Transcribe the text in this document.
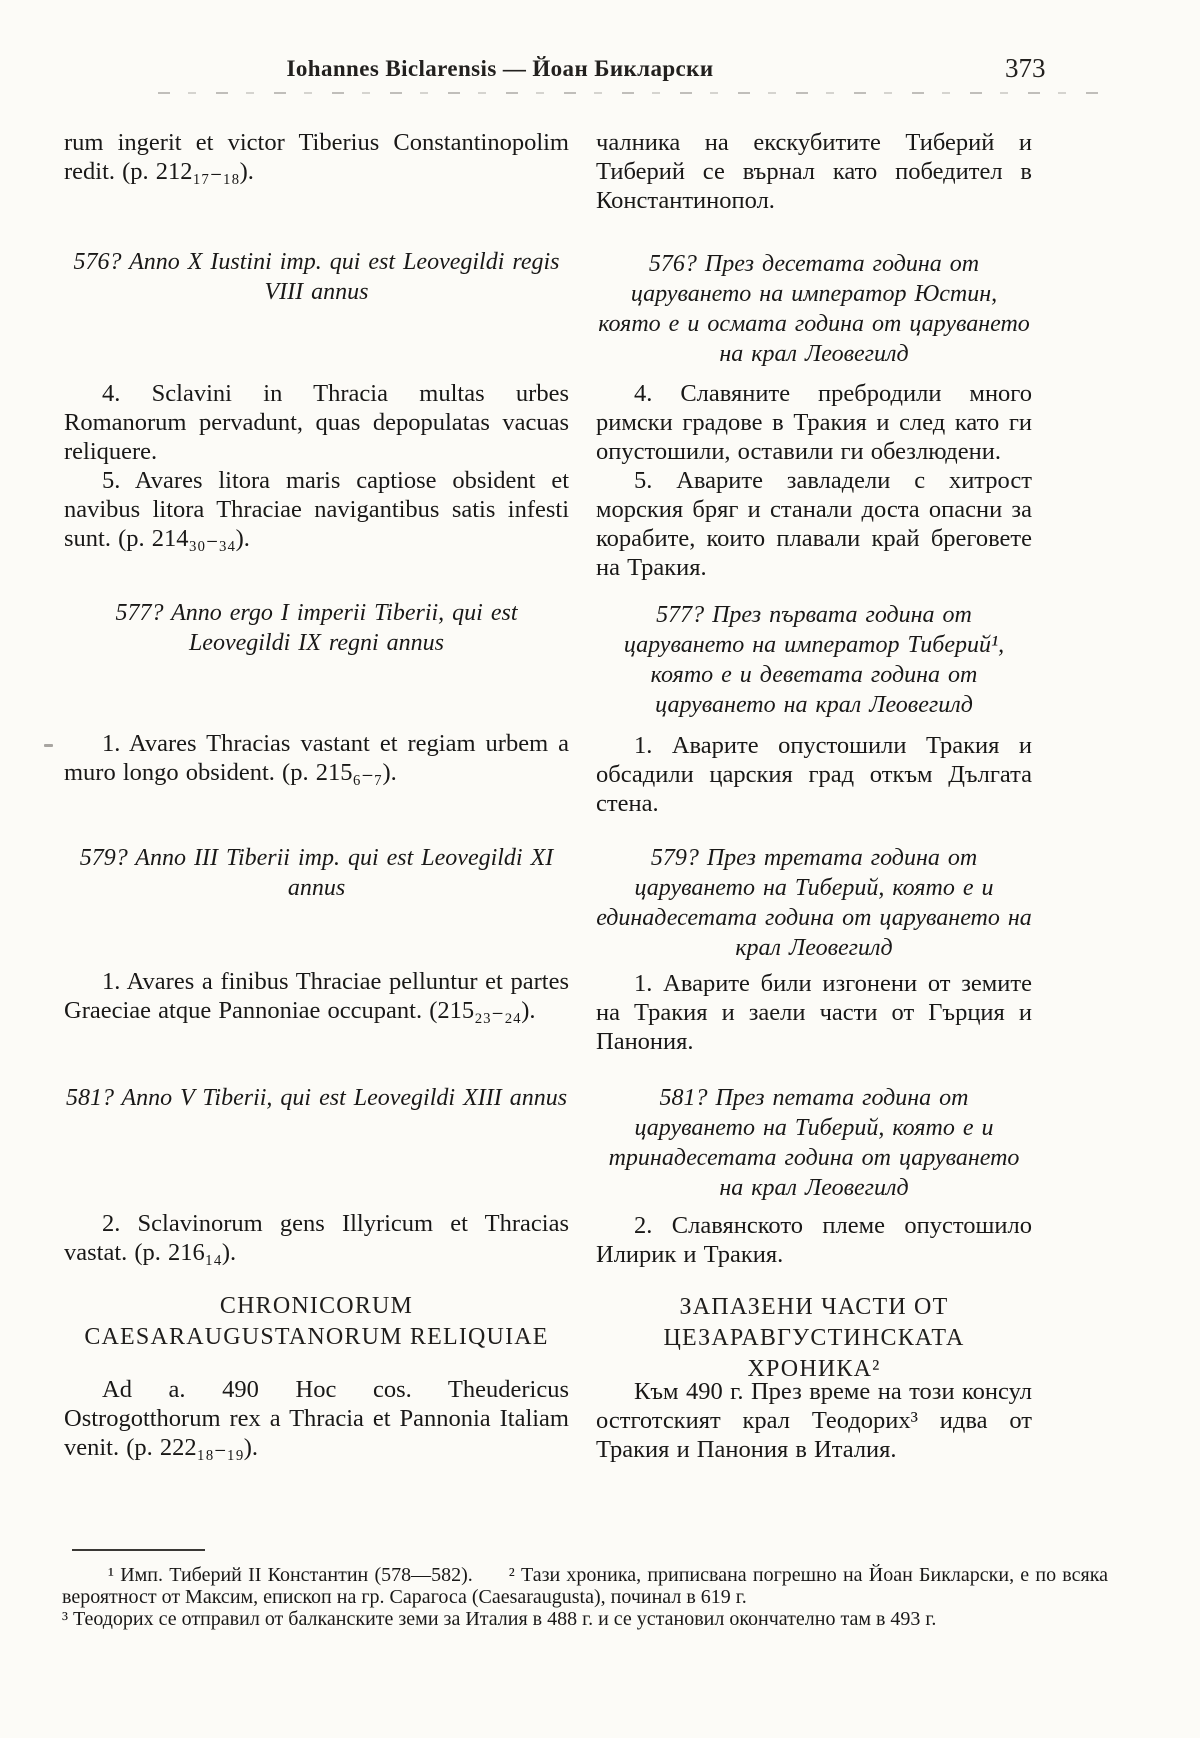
Iohannes Biclarensis — Йоан Бикларски	373

rum ingerit et victor Tiberius Constantinopolim redit. (p. 212₁₇₋₁₈).

576? Anno X Iustini imp. qui est Leovegildi regis VIII annus

4. Sclavini in Thracia multas urbes Romanorum pervadunt, quas depopulatas vacuas reliquere.

5. Avares litora maris captiose obsident et navibus litora Thraciae navigantibus satis infesti sunt. (p. 214₃₀₋₃₄).

577? Anno ergo I imperii Tiberii, qui est Leovegildi IX regni annus

1. Avares Thracias vastant et regiam urbem a muro longo obsident. (p. 215₆₋₇).

579? Anno III Tiberii imp. qui est Leovegildi XI annus

1. Avares a finibus Thraciae pelluntur et partes Graeciae atque Pannoniae occupant. (215₂₃₋₂₄).

581? Anno V Tiberii, qui est Leovegildi XIII annus

2. Sclavinorum gens Illyricum et Thracias vastat. (p. 216₁₄).

CHRONICORUM CAESARAUGUSTANORUM RELIQUIAE

Ad a. 490 Hoc cos. Theudericus Ostrogotthorum rex a Thracia et Pannonia Italiam venit. (p. 222₁₈₋₁₉).

чалника на екскубитите Тиберий и Тиберий се върнал като победител в Константинопол.

576? През десетата година от царуването на император Юстин, която е и осмата година от царуването на крал Леовегилд

4. Славяните пребродили много римски градове в Тракия и след като ги опустошили, оставили ги обезлюдени.

5. Аварите завладели с хитрост морския бряг и станали доста опасни за корабите, които плавали край бреговете на Тракия.

577? През първата година от царуването на император Тиберий¹, която е и деветата година от царуването на крал Леовегилд

1. Аварите опустошили Тракия и обсадили царския град откъм Дългата стена.

579? През третата година от царуването на Тиберий, която е и единадесетата година от царуването на крал Леовегилд

1. Аварите били изгонени от земите на Тракия и заели части от Гърция и Панония.

581? През петата година от царуването на Тиберий, която е и тринадесетата година от царуването на крал Леовегилд

2. Славянското племе опустошило Илирик и Тракия.

ЗАПАЗЕНИ ЧАСТИ ОТ ЦЕЗАРАВГУСТИНСКАТА ХРОНИКА²

Към 490 г. През време на този консул остготският крал Теодорих³ идва от Тракия и Панония в Италия.

¹ Имп. Тиберий II Константин (578—582). ² Тази хроника, приписвана погрешно на Йоан Бикларски, е по всяка вероятност от Максим, епископ на гр. Сарагоса (Caesaraugusta), починал в 619 г.

³ Теодорих се отправил от балканските земи за Италия в 488 г. и се установил окончателно там в 493 г.
